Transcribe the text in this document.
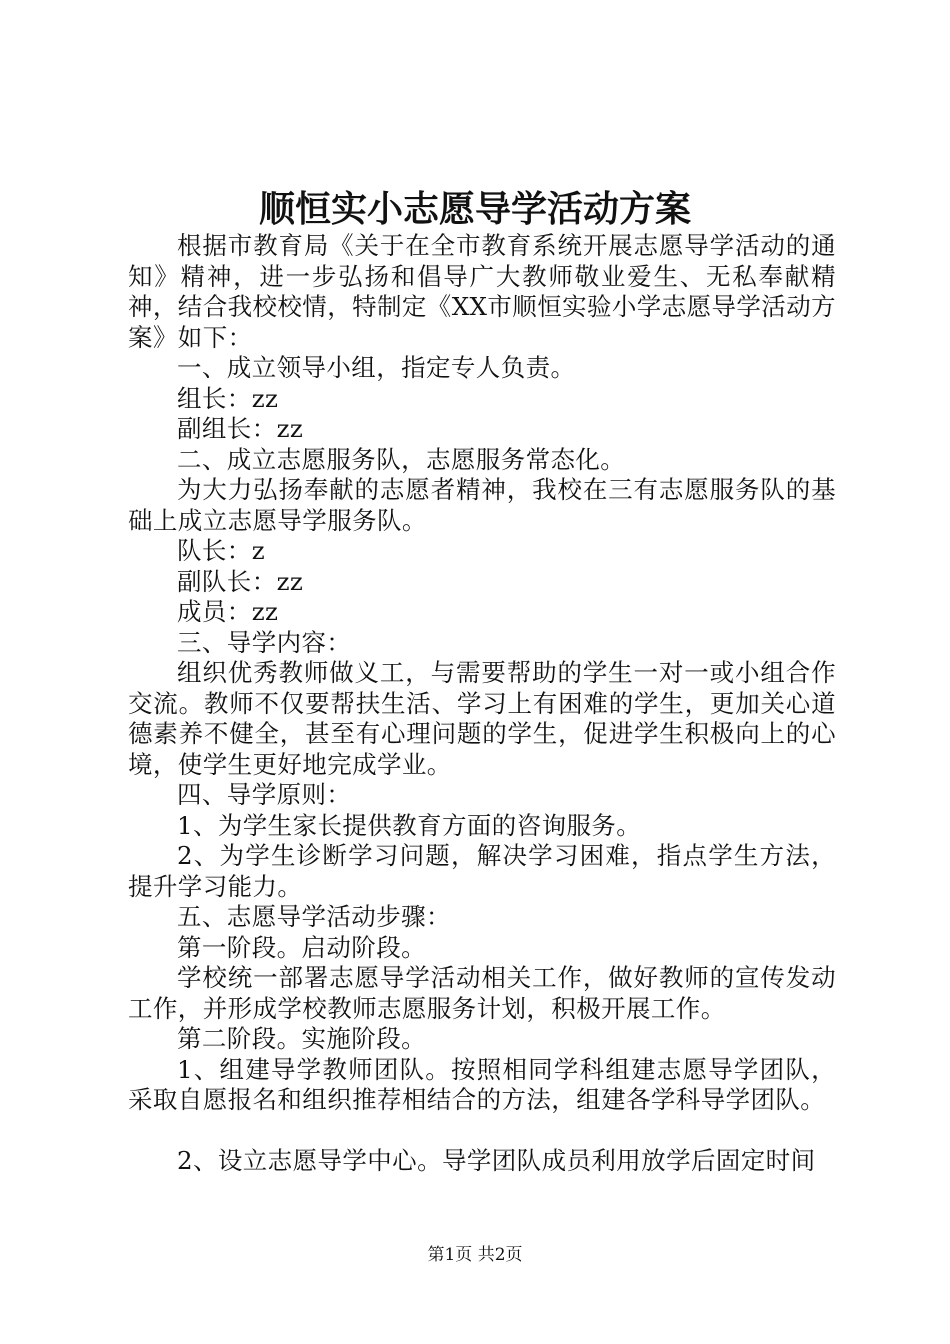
顺恒实小志愿导学活动方案

根据市教育局《关于在全市教育系统开展志愿导学活动的通知》精神，进一步弘扬和倡导广大教师敬业爱生、无私奉献精神，结合我校校情，特制定《XX市顺恒实验小学志愿导学活动方案》如下：

一、成立领导小组，指定专人负责。

组长：zz

副组长：zz

二、成立志愿服务队，志愿服务常态化。

为大力弘扬奉献的志愿者精神，我校在三有志愿服务队的基础上成立志愿导学服务队。

队长：z

副队长：zz

成员：zz

三、导学内容：

组织优秀教师做义工，与需要帮助的学生一对一或小组合作交流。教师不仅要帮扶生活、学习上有困难的学生，更加关心道德素养不健全，甚至有心理问题的学生，促进学生积极向上的心境，使学生更好地完成学业。

四、导学原则：

1、为学生家长提供教育方面的咨询服务。

2、为学生诊断学习问题，解决学习困难，指点学生方法，提升学习能力。

五、志愿导学活动步骤：

第一阶段。启动阶段。

学校统一部署志愿导学活动相关工作，做好教师的宣传发动工作，并形成学校教师志愿服务计划，积极开展工作。

第二阶段。实施阶段。

1、组建导学教师团队。按照相同学科组建志愿导学团队，采取自愿报名和组织推荐相结合的方法，组建各学科导学团队。

2、设立志愿导学中心。导学团队成员利用放学后固定时间

第1页 共2页
